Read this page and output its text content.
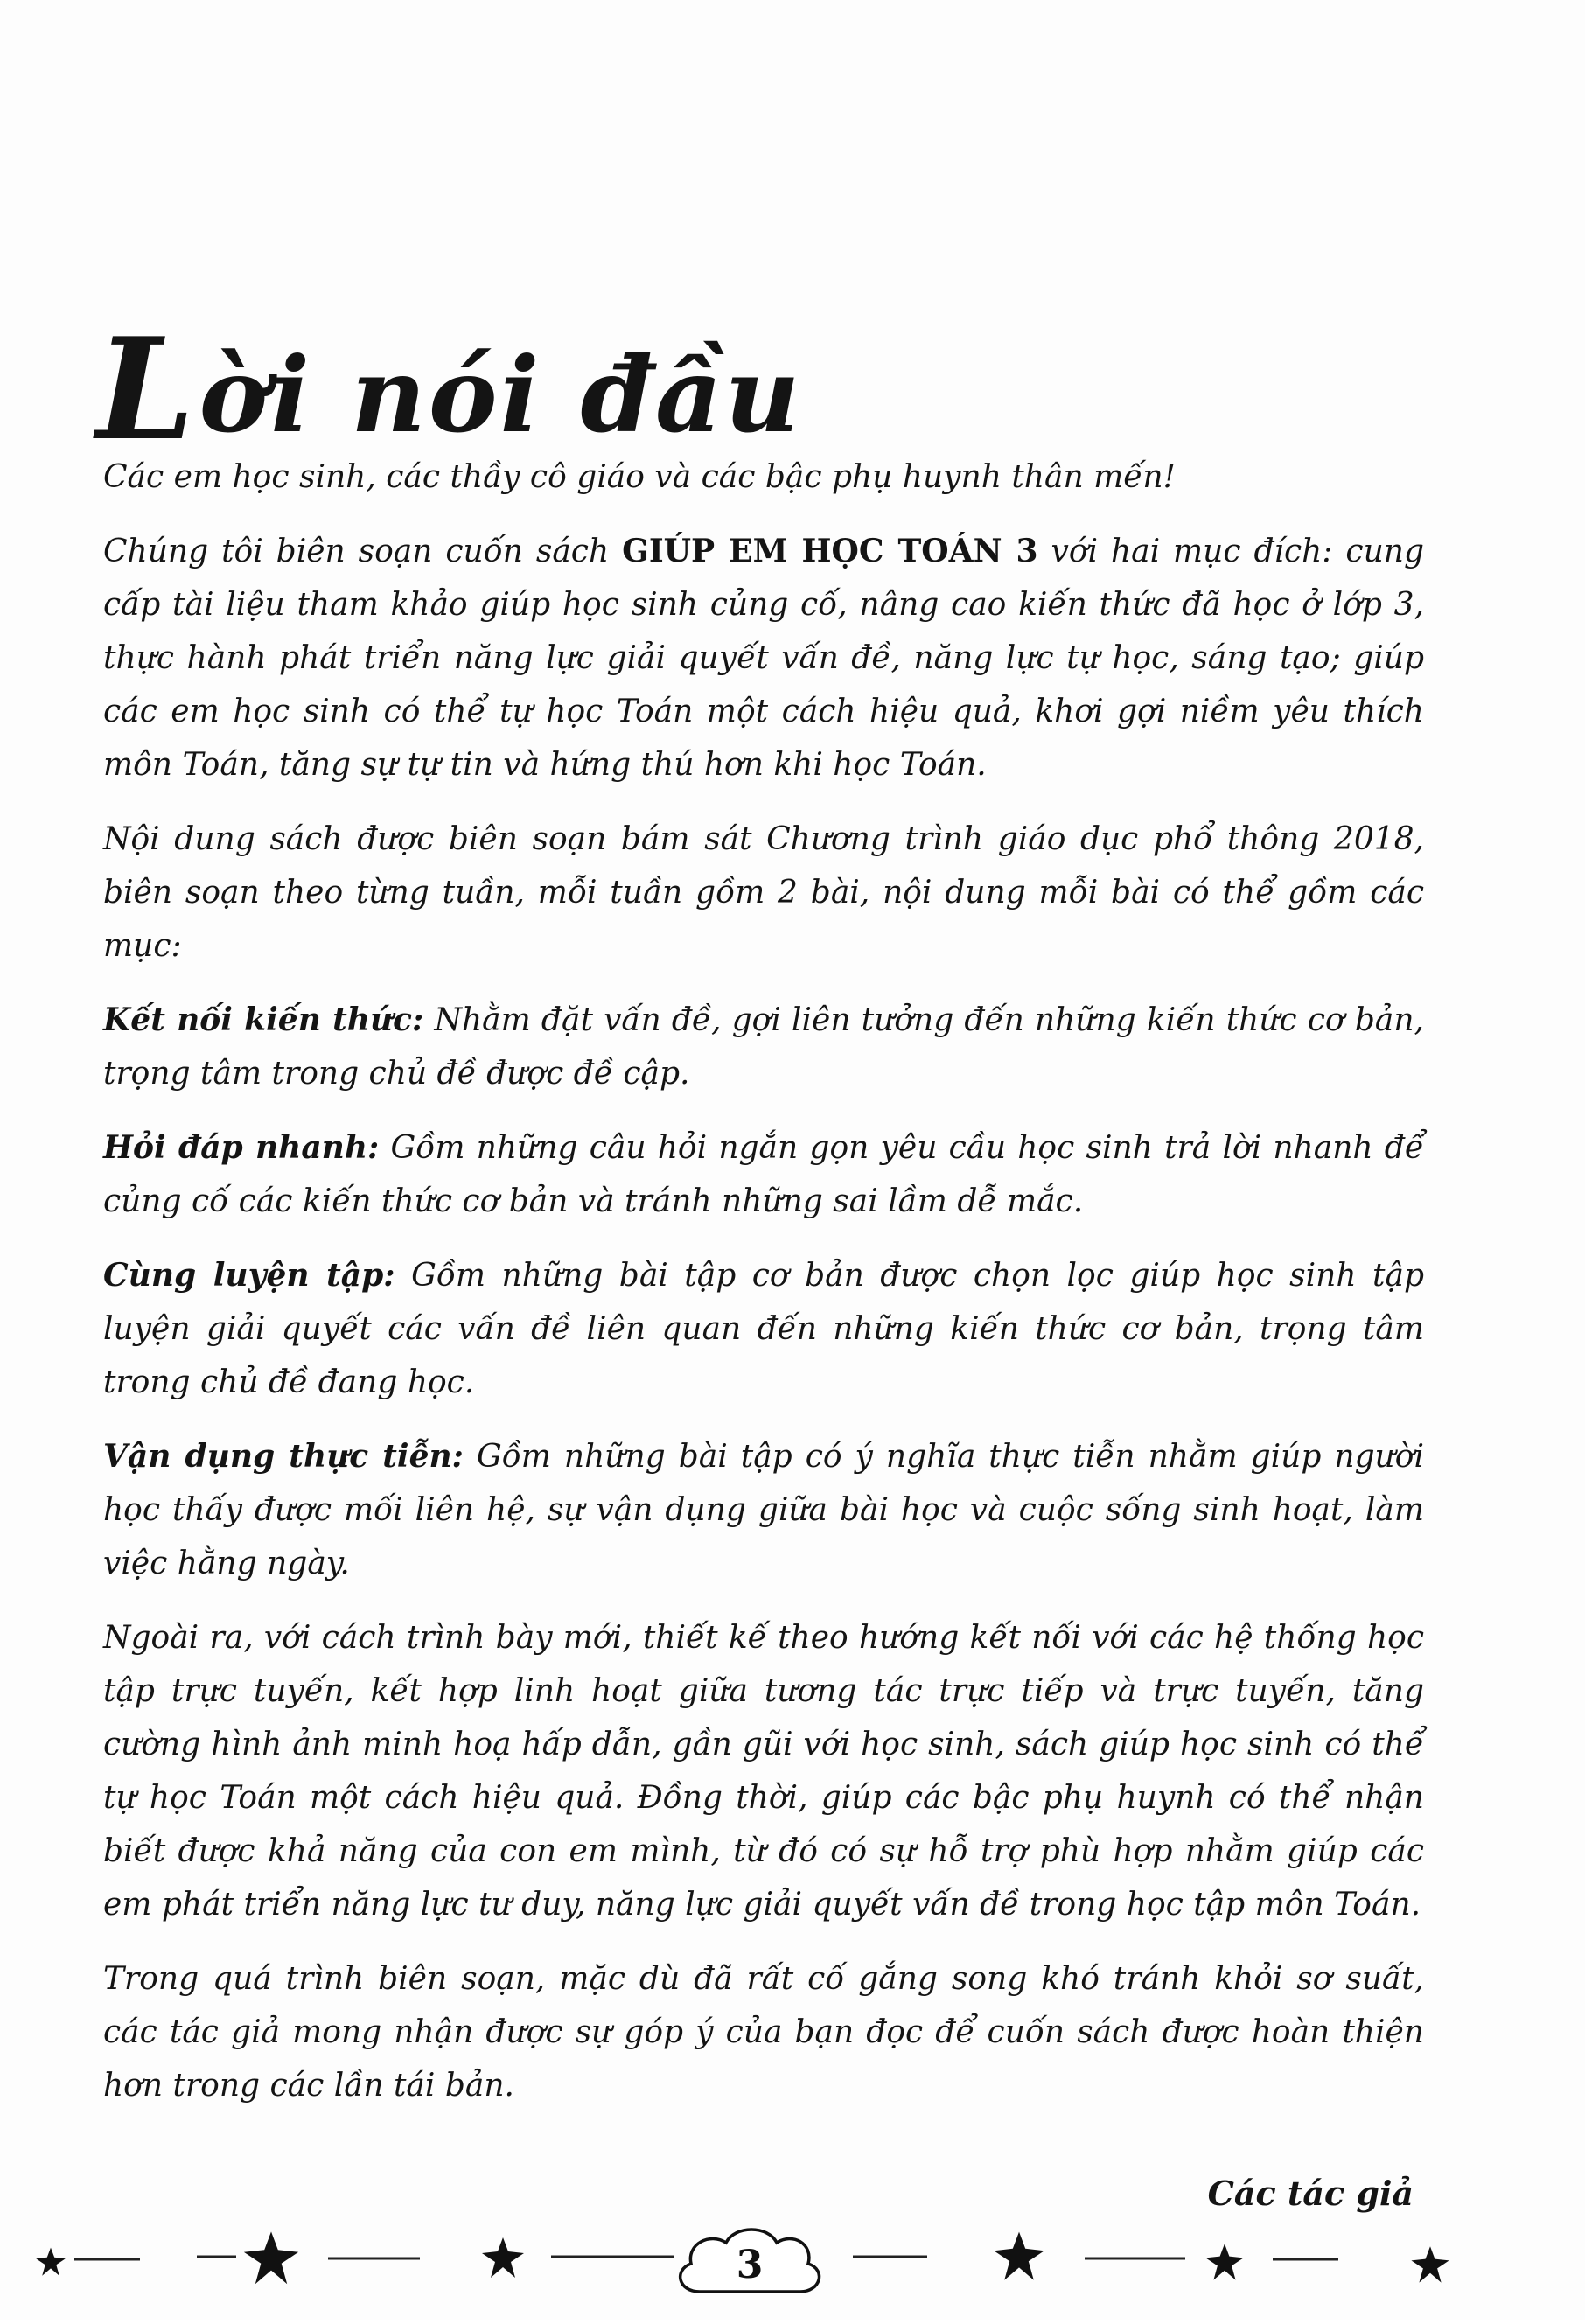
Lời nói đầu

Các em học sinh, các thầy cô giáo và các bậc phụ huynh thân mến!

Chúng tôi biên soạn cuốn sách GIÚP EM HỌC TOÁN 3 với hai mục đích: cung cấp tài liệu tham khảo giúp học sinh củng cố, nâng cao kiến thức đã học ở lớp 3, thực hành phát triển năng lực giải quyết vấn đề, năng lực tự học, sáng tạo; giúp các em học sinh có thể tự học Toán một cách hiệu quả, khơi gợi niềm yêu thích môn Toán, tăng sự tự tin và hứng thú hơn khi học Toán.

Nội dung sách được biên soạn bám sát Chương trình giáo dục phổ thông 2018, biên soạn theo từng tuần, mỗi tuần gồm 2 bài, nội dung mỗi bài có thể gồm các mục:

Kết nối kiến thức: Nhằm đặt vấn đề, gợi liên tưởng đến những kiến thức cơ bản, trọng tâm trong chủ đề được đề cập.

Hỏi đáp nhanh: Gồm những câu hỏi ngắn gọn yêu cầu học sinh trả lời nhanh để củng cố các kiến thức cơ bản và tránh những sai lầm dễ mắc.

Cùng luyện tập: Gồm những bài tập cơ bản được chọn lọc giúp học sinh tập luyện giải quyết các vấn đề liên quan đến những kiến thức cơ bản, trọng tâm trong chủ đề đang học.

Vận dụng thực tiễn: Gồm những bài tập có ý nghĩa thực tiễn nhằm giúp người học thấy được mối liên hệ, sự vận dụng giữa bài học và cuộc sống sinh hoạt, làm việc hằng ngày.

Ngoài ra, với cách trình bày mới, thiết kế theo hướng kết nối với các hệ thống học tập trực tuyến, kết hợp linh hoạt giữa tương tác trực tiếp và trực tuyến, tăng cường hình ảnh minh hoạ hấp dẫn, gần gũi với học sinh, sách giúp học sinh có thể tự học Toán một cách hiệu quả. Đồng thời, giúp các bậc phụ huynh có thể nhận biết được khả năng của con em mình, từ đó có sự hỗ trợ phù hợp nhằm giúp các em phát triển năng lực tư duy, năng lực giải quyết vấn đề trong học tập môn Toán.

Trong quá trình biên soạn, mặc dù đã rất cố gắng song khó tránh khỏi sơ suất, các tác giả mong nhận được sự góp ý của bạn đọc để cuốn sách được hoàn thiện hơn trong các lần tái bản.

Các tác giả
3
